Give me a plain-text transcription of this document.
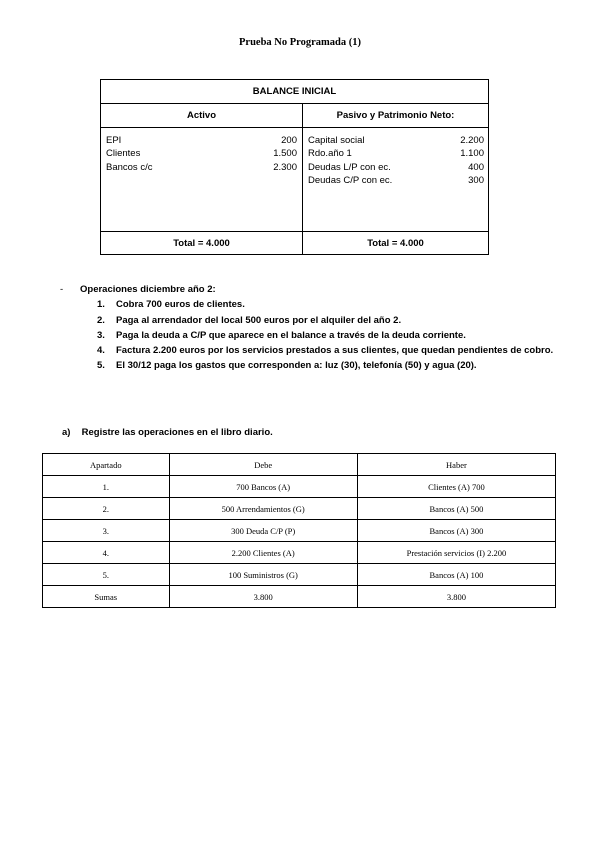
Prueba No Programada (1)
BALANCE INICIAL
Activo	Pasivo y Patrimonio Neto:
EPI	200
Clientes	1.500
Bancos c/c	2.300
Capital social	2.200
Rdo.año 1	1.100
Deudas L/P con ec.	400
Deudas C/P con ec.	300
Total = 4.000	Total = 4.000
- Operaciones diciembre año 2:
1. Cobra 700 euros de clientes.
2. Paga al arrendador del local 500 euros por el alquiler del año 2.
3. Paga la deuda a C/P que aparece en el balance a través de la deuda corriente.
4. Factura 2.200 euros por los servicios prestados a sus clientes, que quedan pendientes de cobro.
5. El 30/12 paga los gastos que corresponden a: luz (30), telefonía (50) y agua (20).
a) Registre las operaciones en el libro diario.
Apartado	Debe	Haber
1.	700 Bancos (A)	Clientes (A) 700
2.	500 Arrendamientos (G)	Bancos (A) 500
3.	300 Deuda C/P (P)	Bancos (A) 300
4.	2.200 Clientes (A)	Prestación servicios (I) 2.200
5.	100 Suministros (G)	Bancos (A) 100
Sumas	3.800	3.800
